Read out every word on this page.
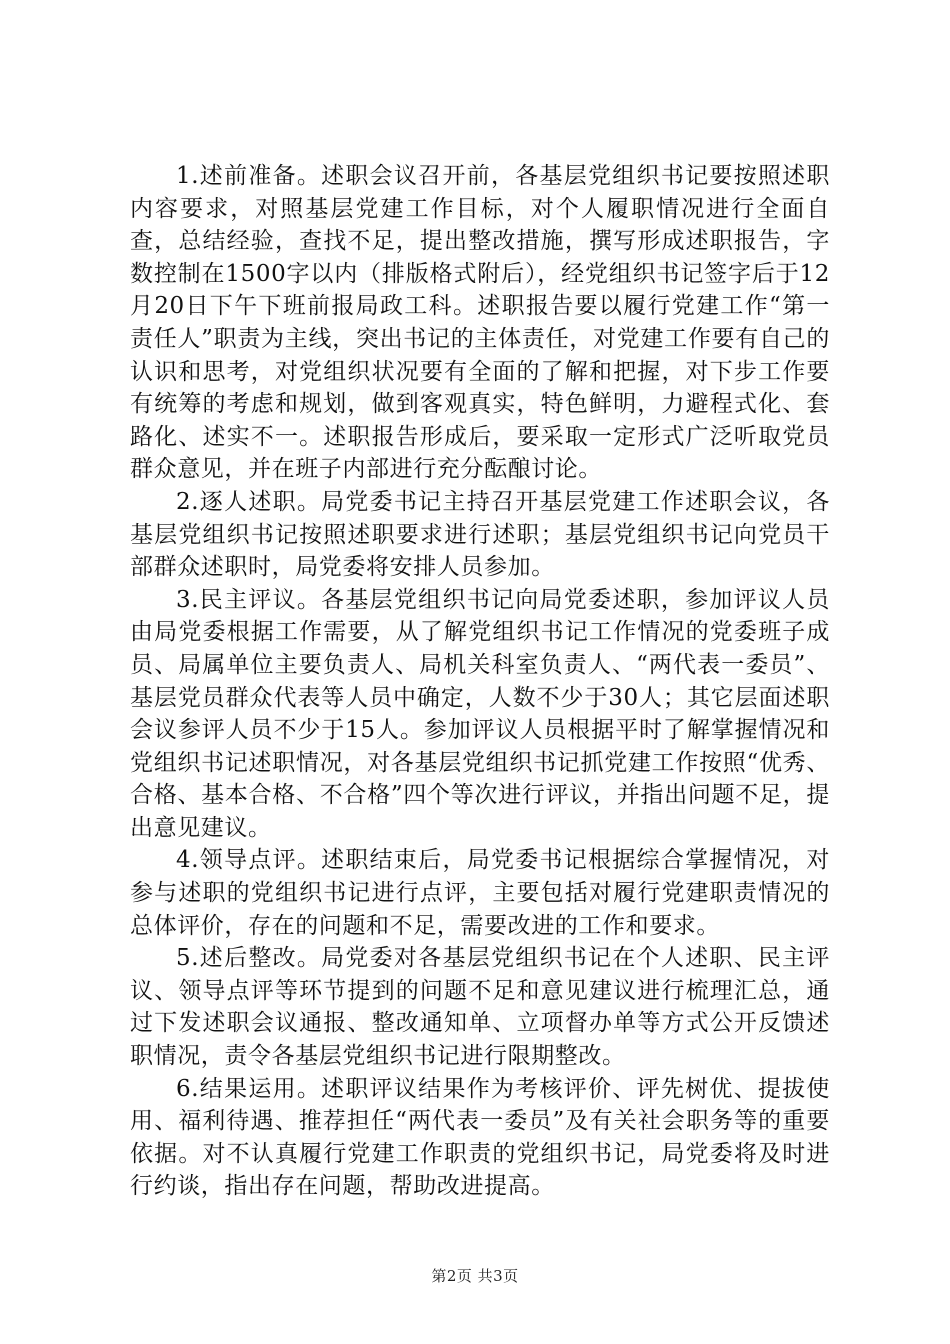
1.述前准备。述职会议召开前，各基层党组织书记要按照述职内容要求，对照基层党建工作目标，对个人履职情况进行全面自查，总结经验，查找不足，提出整改措施，撰写形成述职报告，字数控制在1500字以内（排版格式附后），经党组织书记签字后于12月20日下午下班前报局政工科。述职报告要以履行党建工作“第一责任人”职责为主线，突出书记的主体责任，对党建工作要有自己的认识和思考，对党组织状况要有全面的了解和把握，对下步工作要有统筹的考虑和规划，做到客观真实，特色鲜明，力避程式化、套路化、述实不一。述职报告形成后，要采取一定形式广泛听取党员群众意见，并在班子内部进行充分酝酿讨论。

2.逐人述职。局党委书记主持召开基层党建工作述职会议，各基层党组织书记按照述职要求进行述职；基层党组织书记向党员干部群众述职时，局党委将安排人员参加。

3.民主评议。各基层党组织书记向局党委述职，参加评议人员由局党委根据工作需要，从了解党组织书记工作情况的党委班子成员、局属单位主要负责人、局机关科室负责人、“两代表一委员”、基层党员群众代表等人员中确定，人数不少于30人；其它层面述职会议参评人员不少于15人。参加评议人员根据平时了解掌握情况和党组织书记述职情况，对各基层党组织书记抓党建工作按照“优秀、合格、基本合格、不合格”四个等次进行评议，并指出问题不足，提出意见建议。

4.领导点评。述职结束后，局党委书记根据综合掌握情况，对参与述职的党组织书记进行点评，主要包括对履行党建职责情况的总体评价，存在的问题和不足，需要改进的工作和要求。

5.述后整改。局党委对各基层党组织书记在个人述职、民主评议、领导点评等环节提到的问题不足和意见建议进行梳理汇总，通过下发述职会议通报、整改通知单、立项督办单等方式公开反馈述职情况，责令各基层党组织书记进行限期整改。

6.结果运用。述职评议结果作为考核评价、评先树优、提拔使用、福利待遇、推荐担任“两代表一委员”及有关社会职务等的重要依据。对不认真履行党建工作职责的党组织书记，局党委将及时进行约谈，指出存在问题，帮助改进提高。

第2页 共3页
